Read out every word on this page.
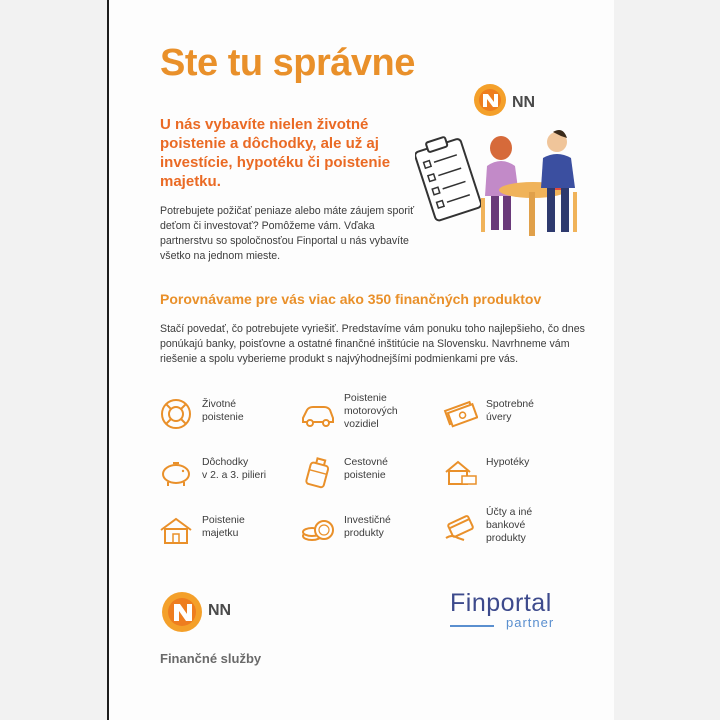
Ste tu správne
NN
U nás vybavíte nielen životné poistenie a dôchodky, ale už aj investície, hypotéku či poistenie majetku.
Potrebujete požičať peniaze alebo máte záujem sporiť deťom či investovať? Pomôžeme vám. Vďaka partnerstvu so spoločnosťou Finportal u nás vybavíte všetko na jednom mieste.
Porovnávame pre vás viac ako 350 finančných produktov
Stačí povedať, čo potrebujete vyriešiť. Predstavíme vám ponuku toho najlepšieho, čo dnes ponúkajú banky, poisťovne a ostatné finančné inštitúcie na Slovensku. Navrhneme vám riešenie a spolu vyberieme produkt s najvýhodnejšími podmienkami pre vás.
Životné
poistenie
Poistenie
motorových
vozidiel
Spotrebné
úvery
Dôchodky
v 2. a 3. pilieri
Cestovné
poistenie
Hypotéky
Poistenie
majetku
Investičné
produkty
Účty a iné
bankové
produkty
NN
Finančné služby
Finportal
partner
